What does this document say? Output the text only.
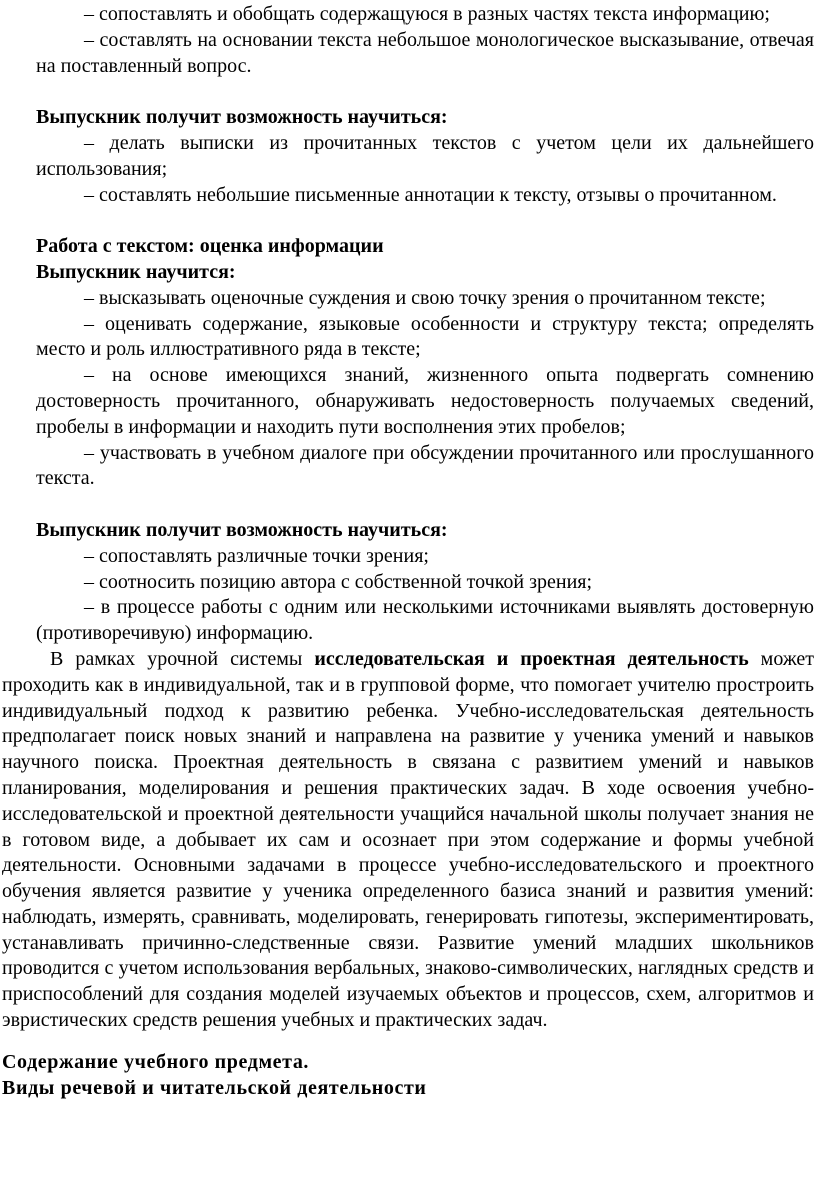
– сопоставлять и обобщать содержащуюся в разных частях текста информацию;

– составлять на основании текста небольшое монологическое высказывание, отвечая на поставленный вопрос.

Выпускник получит возможность научиться:

– делать выписки из прочитанных текстов с учетом цели их дальнейшего использования;

– составлять небольшие письменные аннотации к тексту, отзывы о прочитанном.

Работа с текстом: оценка информации

Выпускник научится:

– высказывать оценочные суждения и свою точку зрения о прочитанном тексте;

– оценивать содержание, языковые особенности и структуру текста; определять место и роль иллюстративного ряда в тексте;

– на основе имеющихся знаний, жизненного опыта подвергать сомнению достоверность прочитанного, обнаруживать недостоверность получаемых сведений, пробелы в информации и находить пути восполнения этих пробелов;

– участвовать в учебном диалоге при обсуждении прочитанного или прослушанного текста.

Выпускник получит возможность научиться:

– сопоставлять различные точки зрения;

– соотносить позицию автора с собственной точкой зрения;

– в процессе работы с одним или несколькими источниками выявлять достоверную (противоречивую) информацию.

В рамках урочной системы исследовательская и проектная деятельность может проходить как в индивидуальной, так и в групповой форме, что помогает учителю простроить индивидуальный подход к развитию ребенка. Учебно-исследовательская деятельность предполагает поиск новых знаний и направлена на развитие у ученика умений и навыков научного поиска. Проектная деятельность в связана с развитием умений и навыков планирования, моделирования и решения практических задач. В ходе освоения учебно-исследовательской и проектной деятельности учащийся начальной школы получает знания не в готовом виде, а добывает их сам и осознает при этом содержание и формы учебной деятельности. Основными задачами в процессе учебно-исследовательского и проектного обучения является развитие у ученика определенного базиса знаний и развития умений: наблюдать, измерять, сравнивать, моделировать, генерировать гипотезы, экспериментировать, устанавливать причинно-следственные связи. Развитие умений младших школьников проводится с учетом использования вербальных, знаково-символических, наглядных средств и приспособлений для создания моделей изучаемых объектов и процессов, схем, алгоритмов и эвристических средств решения учебных и практических задач.

Содержание учебного предмета.

Виды речевой и читательской деятельности
